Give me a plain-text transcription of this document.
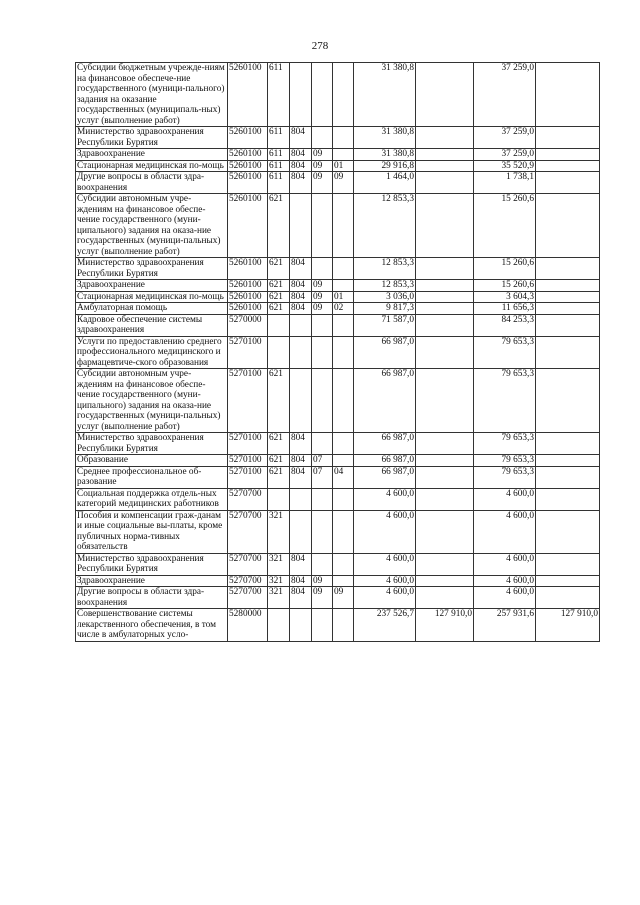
278
Субсидии бюджетным учрежде-ниям на финансовое обеспече-ние государственного (муници-пального) задания на оказание государственных (муниципаль-ных) услуг (выполнение работ)	5260100	611				31 380,8		37 259,0	
Министерство здравоохранения Республики Бурятия	5260100	611	804			31 380,8		37 259,0	
Здравоохранение	5260100	611	804	09		31 380,8		37 259,0	
Стационарная медицинская по-мощь	5260100	611	804	09	01	29 916,8		35 520,9	
Другие вопросы в области здра-воохранения	5260100	611	804	09	09	1 464,0		1 738,1	
Субсидии автономным учре-ждениям на финансовое обеспе-чение государственного (муни-ципального) задания на оказа-ние государственных (муници-пальных) услуг (выполнение работ)	5260100	621				12 853,3		15 260,6	
Министерство здравоохранения Республики Бурятия	5260100	621	804			12 853,3		15 260,6	
Здравоохранение	5260100	621	804	09		12 853,3		15 260,6	
Стационарная медицинская по-мощь	5260100	621	804	09	01	3 036,0		3 604,3	
Амбулаторная помощь	5260100	621	804	09	02	9 817,3		11 656,3	
Кадровое обеспечение системы здравоохранения	5270000					71 587,0		84 253,3	
Услуги по предоставлению среднего профессионального медицинского и фармацевтиче-ского образования	5270100					66 987,0		79 653,3	
Субсидии автономным учре-ждениям на финансовое обеспе-чение государственного (муни-ципального) задания на оказа-ние государственных (муници-пальных) услуг (выполнение работ)	5270100	621				66 987,0		79 653,3	
Министерство здравоохранения Республики Бурятия	5270100	621	804			66 987,0		79 653,3	
Образование	5270100	621	804	07		66 987,0		79 653,3	
Среднее профессиональное об-разование	5270100	621	804	07	04	66 987,0		79 653,3	
Социальная поддержка отдель-ных категорий медицинских работников	5270700					4 600,0		4 600,0	
Пособия и компенсации граж-данам и иные социальные вы-платы, кроме публичных норма-тивных обязательств	5270700	321				4 600,0		4 600,0	
Министерство здравоохранения Республики Бурятия	5270700	321	804			4 600,0		4 600,0	
Здравоохранение	5270700	321	804	09		4 600,0		4 600,0	
Другие вопросы в области здра-воохранения	5270700	321	804	09	09	4 600,0		4 600,0	
Совершенствование системы лекарственного обеспечения, в том числе в амбулаторных усло-	5280000					237 526,7	127 910,0	257 931,6	127 910,0
